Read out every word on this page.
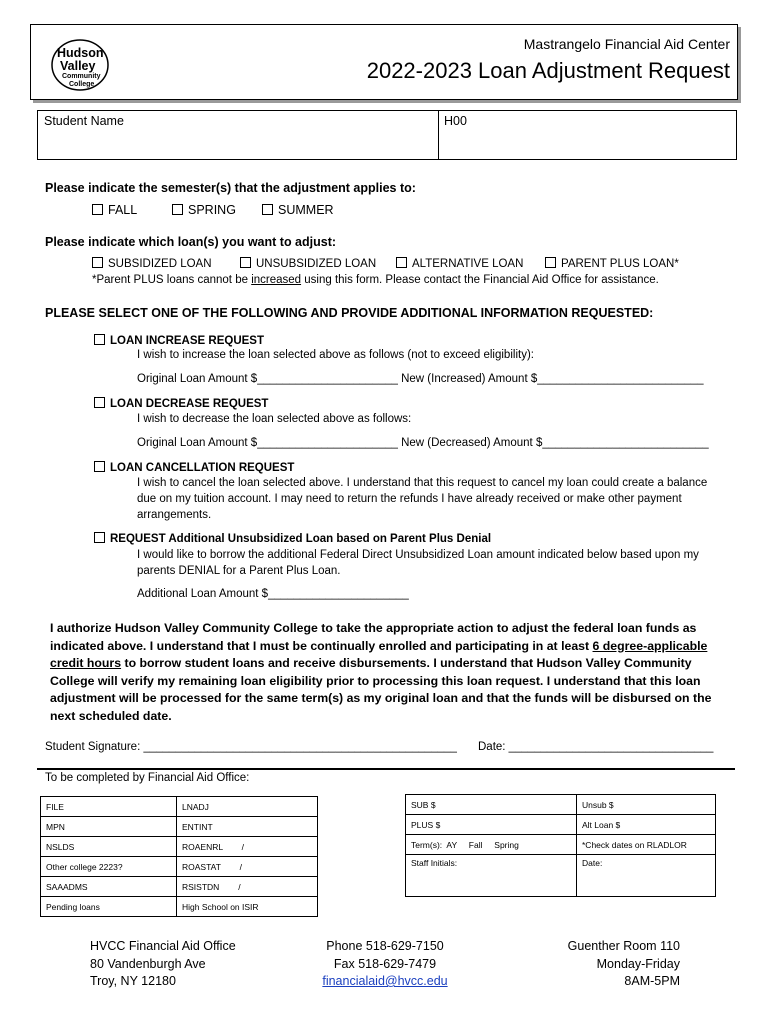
Hudson
Valley
Community
College
Mastrangelo Financial Aid Center
2022-2023 Loan Adjustment Request
Student Name	H00
Please indicate the semester(s) that the adjustment applies to:
FALL	SPRING	SUMMER
Please indicate which loan(s) you want to adjust:
SUBSIDIZED LOAN	UNSUBSIDIZED LOAN	ALTERNATIVE LOAN	PARENT PLUS LOAN*
*Parent PLUS loans cannot be increased using this form. Please contact the Financial Aid Office for assistance.
PLEASE SELECT ONE OF THE FOLLOWING AND PROVIDE ADDITIONAL INFORMATION REQUESTED:
LOAN INCREASE REQUEST
I wish to increase the loan selected above as follows (not to exceed eligibility):
Original Loan Amount $______________________ New (Increased) Amount $__________________________
LOAN DECREASE REQUEST
I wish to decrease the loan selected above as follows:
Original Loan Amount $______________________ New (Decreased) Amount $__________________________
LOAN CANCELLATION REQUEST
I wish to cancel the loan selected above. I understand that this request to cancel my loan could create a balance
due on my tuition account. I may need to return the refunds I have already received or make other payment
arrangements.
REQUEST Additional Unsubsidized Loan based on Parent Plus Denial
I would like to borrow the additional Federal Direct Unsubsidized Loan amount indicated below based upon my
parents DENIAL for a Parent Plus Loan.
Additional Loan Amount $______________________
I authorize Hudson Valley Community College to take the appropriate action to adjust the federal loan funds as indicated above. I understand that I must be continually enrolled and participating in at least 6 degree-applicable credit hours to borrow student loans and receive disbursements. I understand that Hudson Valley Community College will verify my remaining loan eligibility prior to processing this loan request. I understand that this loan adjustment will be processed for the same term(s) as my original loan and that the funds will be disbursed on the next scheduled date.
Student Signature: _________________________________________________ Date: ________________________________
To be completed by Financial Aid Office:
FILE	LNADJ
MPN	ENTINT
NSLDS	ROAENRL        /
Other college 2223?	ROASTAT        /
SAAADMS	RSISTDN        /
Pending loans	High School on ISIR
SUB $	Unsub $
PLUS $	Alt Loan $
Term(s):  AY     Fall     Spring	*Check dates on RLADLOR
Staff Initials:	Date:
HVCC Financial Aid Office
80 Vandenburgh Ave
Troy, NY 12180
Phone 518-629-7150
Fax 518-629-7479
financialaid@hvcc.edu
Guenther Room 110
Monday-Friday
8AM-5PM
